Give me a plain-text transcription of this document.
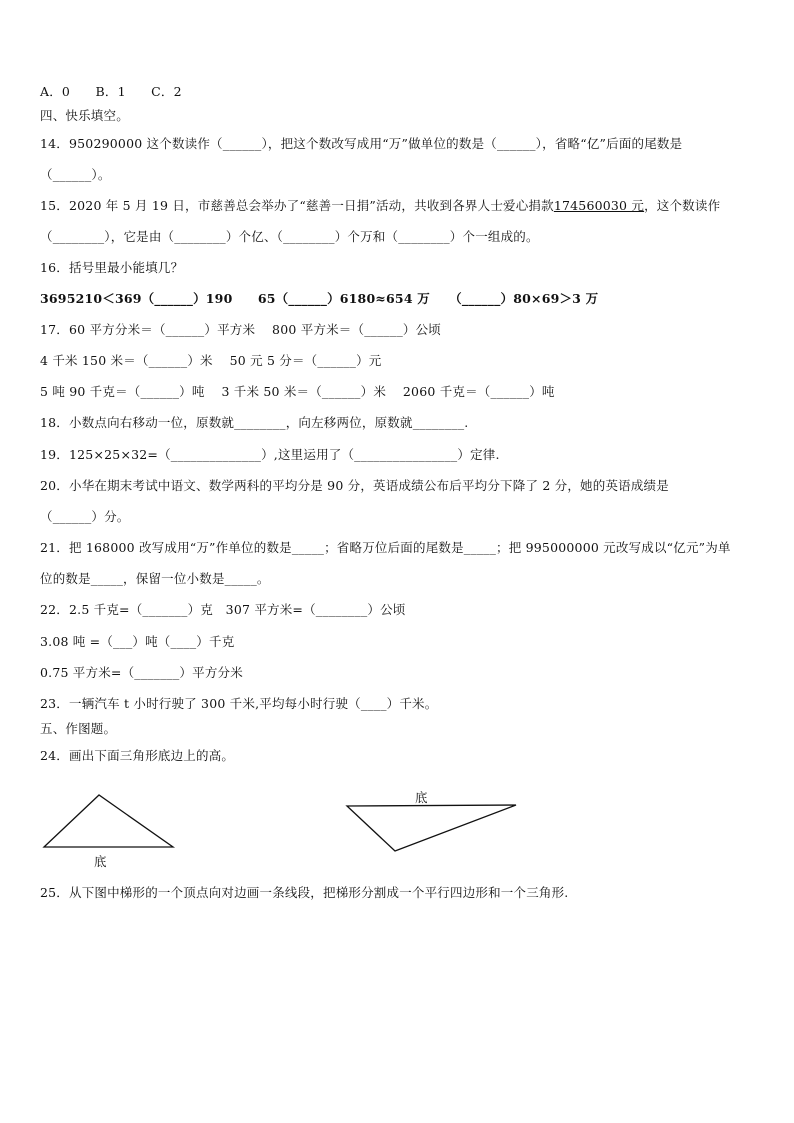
A．0　　B．1　　C．2
四、快乐填空。
14．950290000 这个数读作（______），把这个数改写成用“万”做单位的数是（______），省略“亿”后面的尾数是
（______）。
15．2020 年 5 月 19 日，市慈善总会举办了“慈善一日捐”活动，共收到各界人士爱心捐款174560030 元，这个数读作
（________），它是由（________）个亿、（________）个万和（________）个一组成的。
16．括号里最小能填几？
3695210＜369（______）190　　65（______）6180≈654 万　　（______）80×69＞3 万
17．60 平方分米＝（______）平方米　 800 平方米＝（______）公顷
4 千米 150 米＝（______）米　 50 元 5 分＝（______）元
5 吨 90 千克＝（______）吨　 3 千米 50 米＝（______）米　 2060 千克＝（______）吨
18．小数点向右移动一位，原数就________，向左移两位，原数就________.
19．125×25×32=（______________）,这里运用了（________________）定律.
20．小华在期末考试中语文、数学两科的平均分是 90 分，英语成绩公布后平均分下降了 2 分，她的英语成绩是
（______）分。
21．把 168000 改写成用“万”作单位的数是_____；省略万位后面的尾数是_____；把 995000000 元改写成以“亿元”为单
位的数是_____，保留一位小数是_____。
22．2.5 千克=（_______）克　307 平方米=（________）公顷
3.08 吨 =（___）吨（____）千克
0.75 平方米=（_______）平方分米
23．一辆汽车 t 小时行驶了 300 千米,平均每小时行驶（____）千米。
五、作图题。
24．画出下面三角形底边上的高。
底
底
25．从下图中梯形的一个顶点向对边画一条线段，把梯形分割成一个平行四边形和一个三角形.
